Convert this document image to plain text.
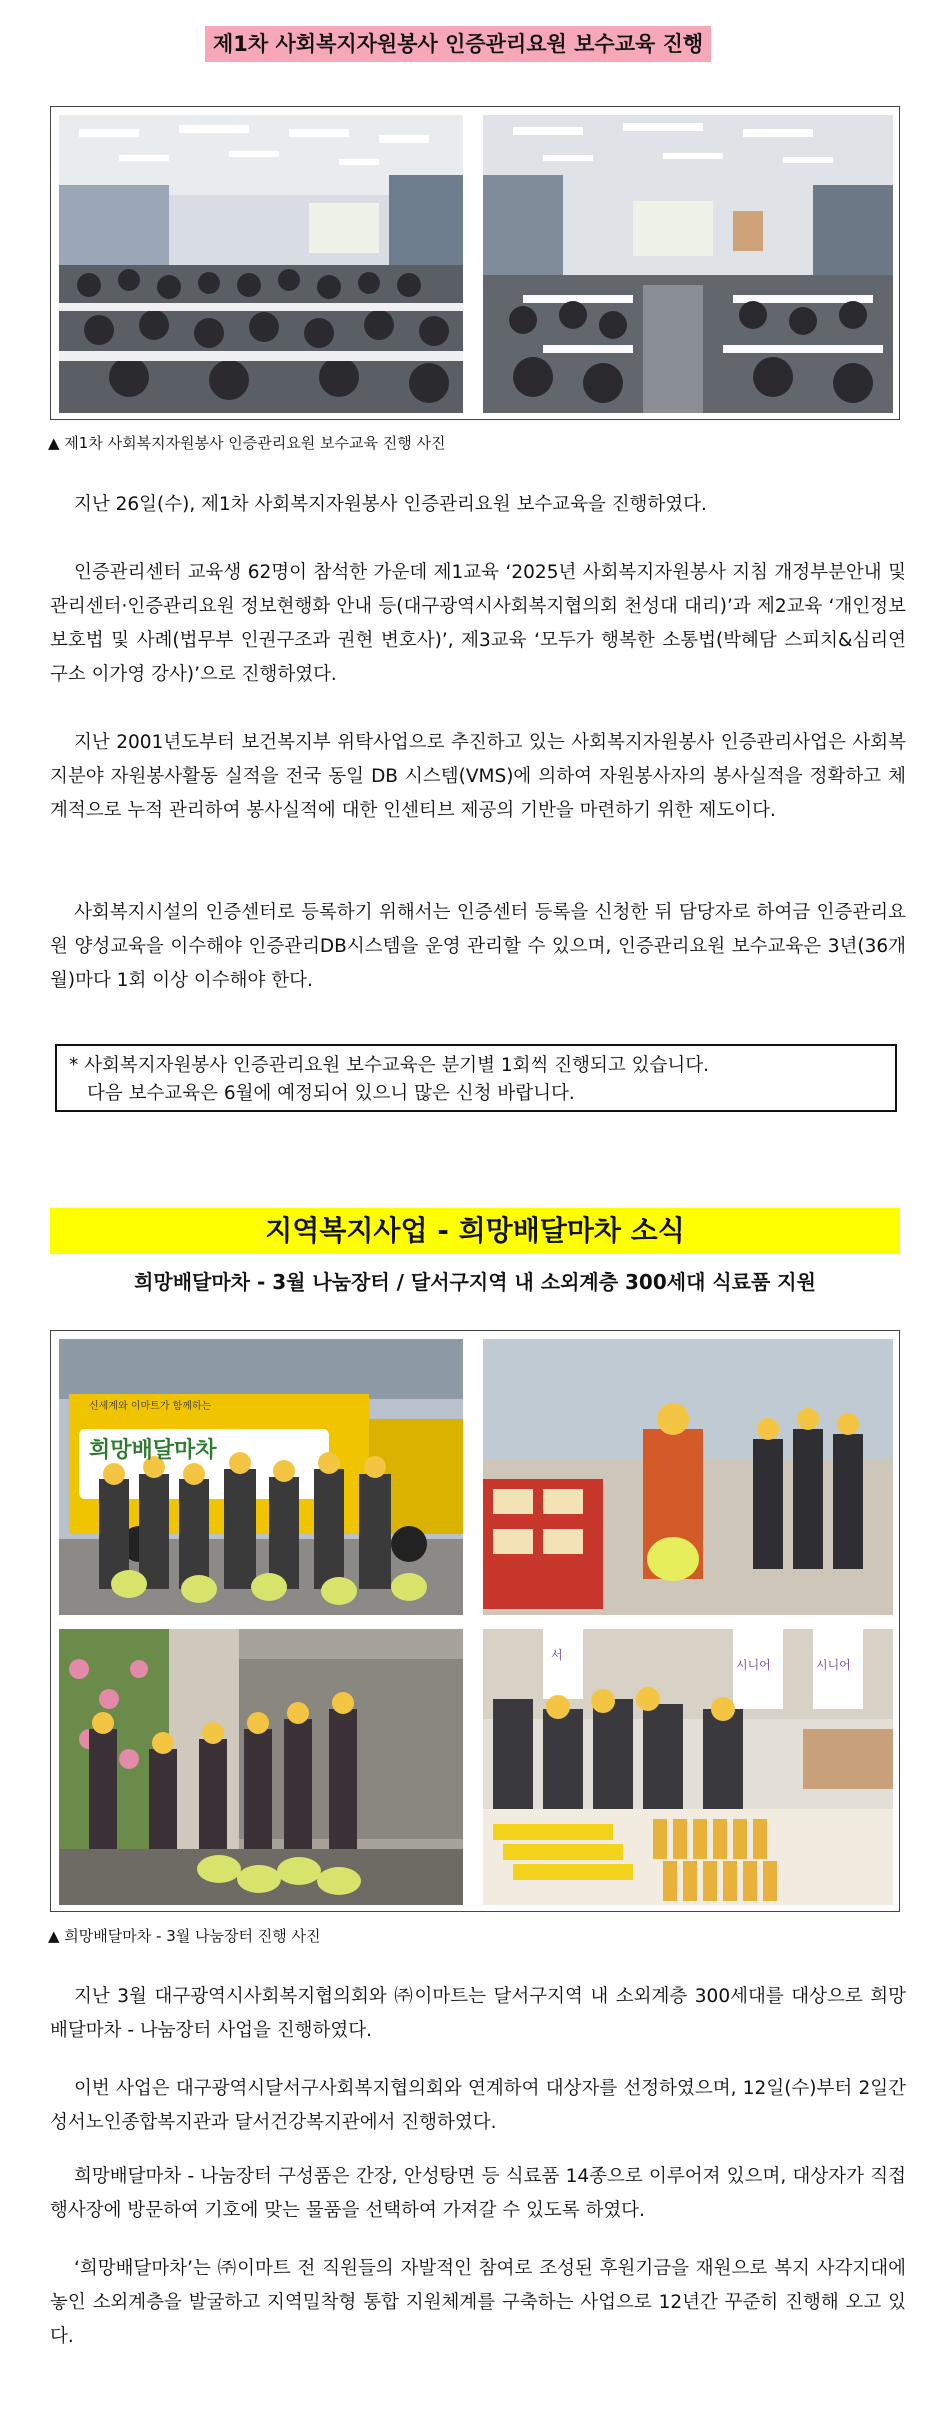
제1차 사회복지자원봉사 인증관리요원 보수교육 진행
▲ 제1차 사회복지자원봉사 인증관리요원 보수교육 진행 사진

지난 26일(수), 제1차 사회복지자원봉사 인증관리요원 보수교육을 진행하였다.

인증관리센터 교육생 62명이 참석한 가운데 제1교육 ‘2025년 사회복지자원봉사 지침 개정부분안내 및 관리센터·인증관리요원 정보현행화 안내 등(대구광역시사회복지협의회 천성대 대리)’과 제2교육 ‘개인정보보호법 및 사례(법무부 인권구조과 권현 변호사)’, 제3교육 ‘모두가 행복한 소통법(박혜담 스피치&심리연구소 이가영 강사)’으로 진행하였다.

지난 2001년도부터 보건복지부 위탁사업으로 추진하고 있는 사회복지자원봉사 인증관리사업은 사회복지분야 자원봉사활동 실적을 전국 동일 DB 시스템(VMS)에 의하여 자원봉사자의 봉사실적을 정확하고 체계적으로 누적 관리하여 봉사실적에 대한 인센티브 제공의 기반을 마련하기 위한 제도이다.

사회복지시설의 인증센터로 등록하기 위해서는 인증센터 등록을 신청한 뒤 담당자로 하여금 인증관리요원 양성교육을 이수해야 인증관리DB시스템을 운영 관리할 수 있으며, 인증관리요원 보수교육은 3년(36개월)마다 1회 이상 이수해야 한다.

* 사회복지자원봉사 인증관리요원 보수교육은 분기별 1회씩 진행되고 있습니다.
다음 보수교육은 6월에 예정되어 있으니 많은 신청 바랍니다.
지역복지사업 - 희망배달마차 소식
희망배달마차 - 3월 나눔장터 / 달서구지역 내 소외계층 300세대 식료품 지원
신세계와 이마트가 함께하는
희망배달마차
서
시니어	시니어
▲ 희망배달마차 - 3월 나눔장터 진행 사진

지난 3월 대구광역시사회복지협의회와 ㈜이마트는 달서구지역 내 소외계층 300세대를 대상으로 희망배달마차 - 나눔장터 사업을 진행하였다.

이번 사업은 대구광역시달서구사회복지협의회와 연계하여 대상자를 선정하였으며, 12일(수)부터 2일간 성서노인종합복지관과 달서건강복지관에서 진행하였다.

희망배달마차 - 나눔장터 구성품은 간장, 안성탕면 등 식료품 14종으로 이루어져 있으며, 대상자가 직접 행사장에 방문하여 기호에 맞는 물품을 선택하여 가져갈 수 있도록 하였다.

‘희망배달마차’는 ㈜이마트 전 직원들의 자발적인 참여로 조성된 후원기금을 재원으로 복지 사각지대에 놓인 소외계층을 발굴하고 지역밀착형 통합 지원체계를 구축하는 사업으로 12년간 꾸준히 진행해 오고 있다.
